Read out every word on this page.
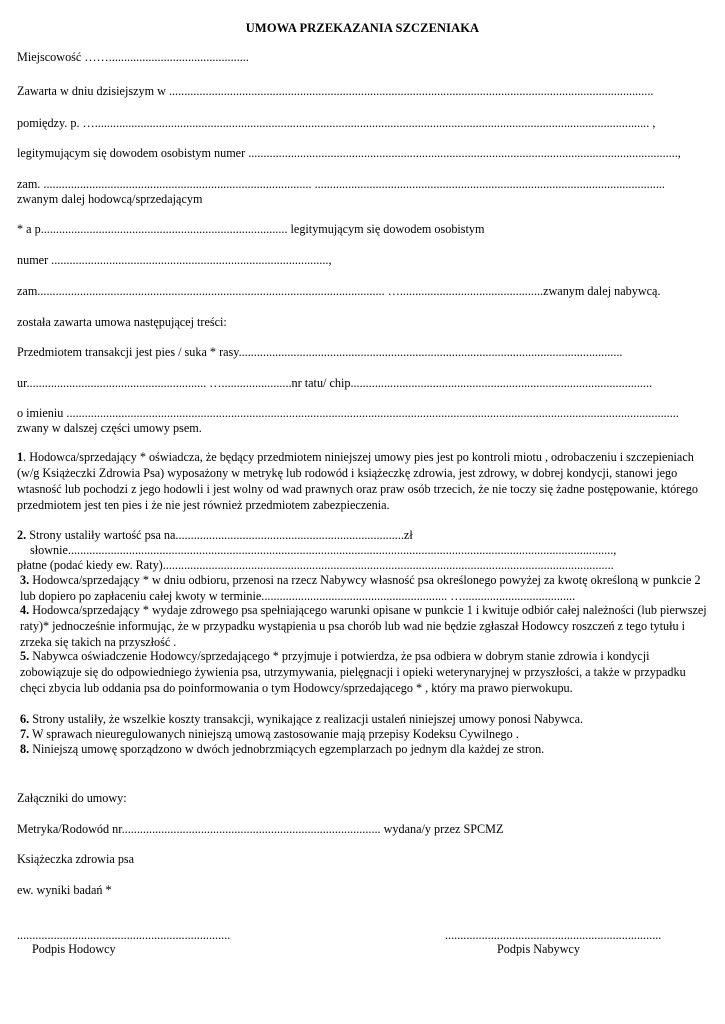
UMOWA PRZEKAZANIA SZCZENIAKA
Miejscowość ……..............................................
Zawarta w dniu dzisiejszym w ...............................................................................................................................................................
pomiędzy. p. …...................................................................................................................................................................................... ,
legitymującym się dowodem osobistym numer .............................................................................................................................................,
zam. ........................................................................................ ...................................................................................................................
zwanym dalej hodowcą/sprzedającym
* a p................................................................................. legitymującym się dowodem osobistym
numer ...........................................................................................,
zam.................................................................................................................. …...............................................zwanym dalej nabywcą.
została zawarta umowa następującej treści:
Przedmiotem transakcji jest pies / suka * rasy..............................................................................................................................
ur........................................................... ….......................nr tatu/ chip...................................................................................................
o imieniu .........................................................................................................................................................................................................
zwany w dalszej części umowy psem.
1. Hodowca/sprzedający * oświadcza, że będący przedmiotem niniejszej umowy pies jest po kontroli miotu , odrobaczeniu i szczepieniach (w/g Książeczki Zdrowia Psa) wyposażony w metrykę lub rodowód i książeczkę zdrowia, jest zdrowy, w dobrej kondycji, stanowi jego wtasność lub pochodzi z jego hodowli i jest wolny od wad prawnych oraz praw osób trzecich, że nie toczy się żadne postępowanie, którego przedmiotem jest ten pies i że nie jest również przedmiotem zabezpieczenia.
2. Strony ustaliły wartość psa na...........................................................................zł
słownie...................................................................................................................................................................................,
płatne (podać kiedy ew. Raty)....................................................................................................................................................
3. Hodowca/sprzedający * w dniu odbioru, przenosi na rzecz Nabywcy własność psa określonego powyżej za kwotę określoną w punkcie 2 lub dopiero po zapłaceniu całej kwoty w terminie............................................................. ….....................................
4. Hodowca/sprzedający * wydaje zdrowego psa spełniającego warunki opisane w punkcie 1 i kwituje odbiór całej należności (lub pierwszej raty)* jednocześnie informując, że w przypadku wystąpienia u psa chorób lub wad nie będzie zgłaszał Hodowcy roszczeń z tego tytułu i zrzeka się takich na przyszłość .
5. Nabywca oświadczenie Hodowcy/sprzedającego * przyjmuje i potwierdza, że psa odbiera w dobrym stanie zdrowia i kondycji zobowiązuje się do odpowiedniego żywienia psa, utrzymywania, pielęgnacji i opieki weterynaryjnej w przyszłości, a także w przypadku chęci zbycia lub oddania psa do poinformowania o tym Hodowcy/sprzedającego * , który ma prawo pierwokupu.
6. Strony ustaliły, że wszelkie koszty transakcji, wynikające z realizacji ustaleń niniejszej umowy ponosi Nabywca.
7. W sprawach nieuregulowanych niniejszą umową zastosowanie mają przepisy Kodeksu Cywilnego .
8. Niniejszą umowę sporządzono w dwóch jednobrzmiących egzemplarzach po jednym dla każdej ze stron.
Załączniki do umowy:
Metryka/Rodowód nr..................................................................................... wydana/y przez SPCMZ
Książeczka zdrowia psa
ew. wyniki badań *
......................................................................	.......................................................................
Podpis Hodowcy	Podpis Nabywcy
